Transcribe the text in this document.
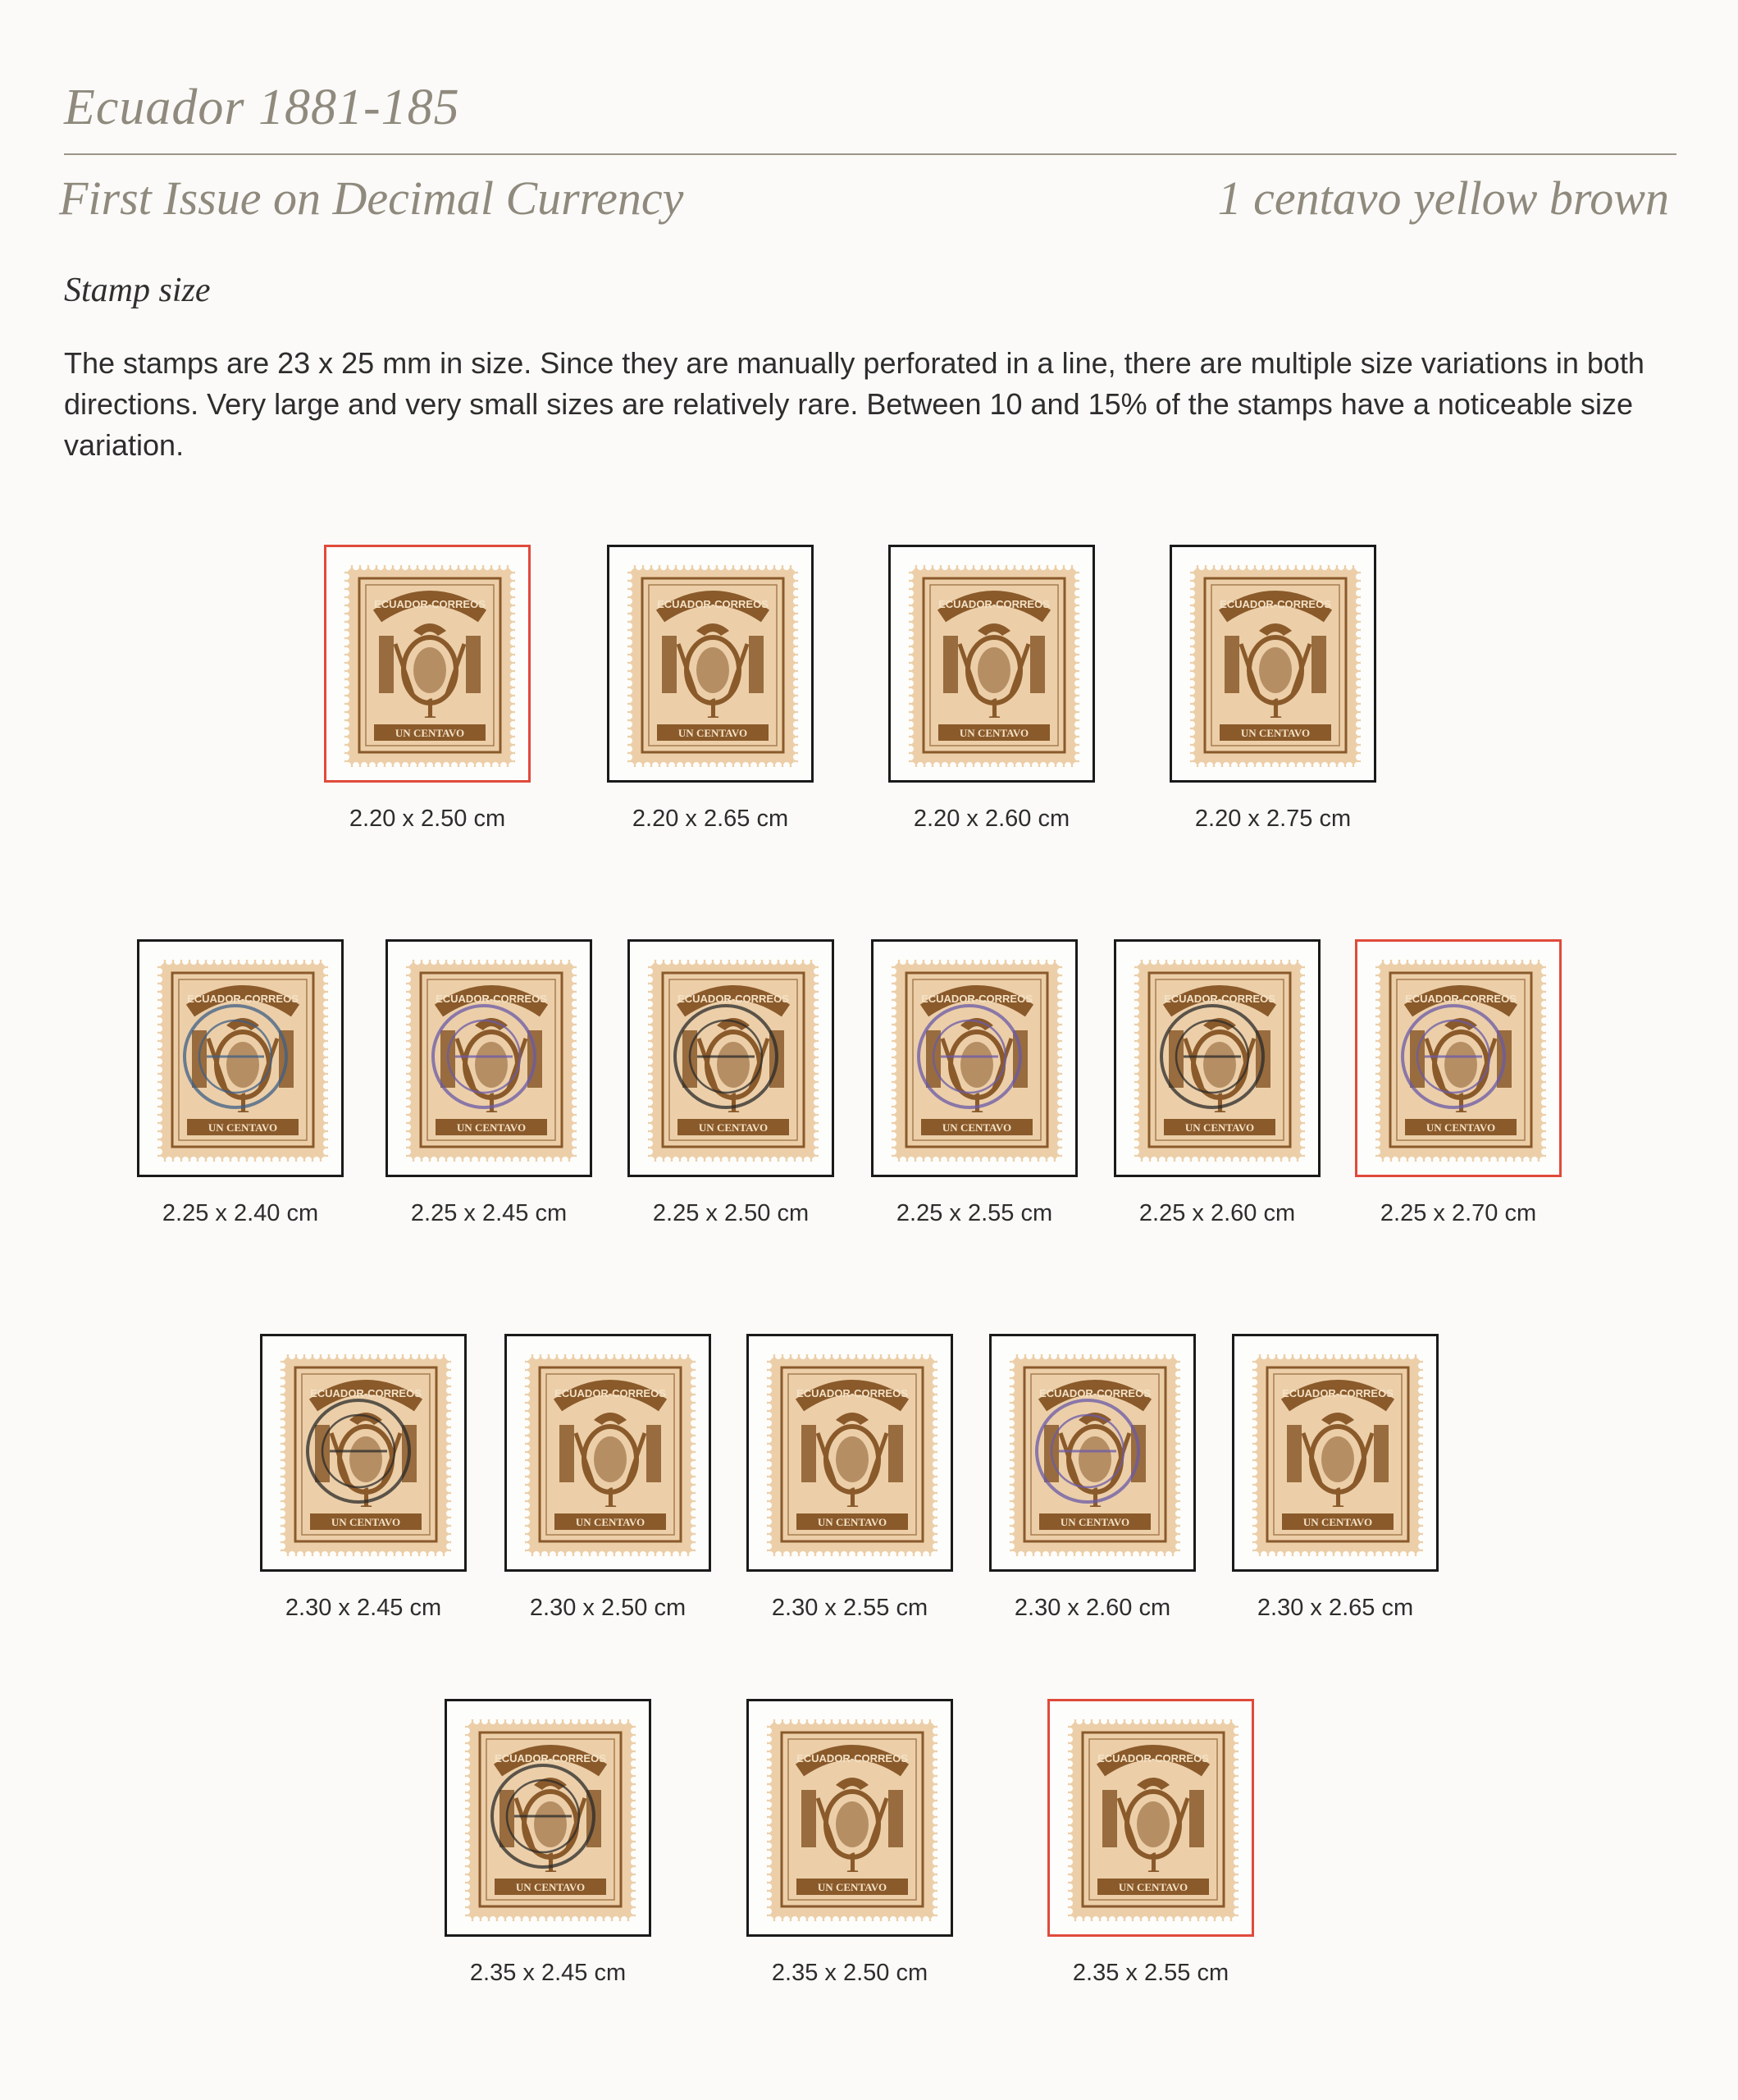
Ecuador 1881-185
First Issue on Decimal Currency	1 centavo yellow brown
Stamp size

The stamps are 23 x 25 mm in size. Since they are manually perforated in a line, there are multiple size variations in both directions. Very large and very small sizes are relatively rare. Between 10 and 15% of the stamps have a noticeable size variation.

ECUADOR-CORREOS
1
UN CENTAVO
2.20 x 2.50 cm
ECUADOR-CORREOS
1
UN CENTAVO
2.20 x 2.65 cm
ECUADOR-CORREOS
1
UN CENTAVO
2.20 x 2.60 cm
ECUADOR-CORREOS
1
UN CENTAVO
2.20 x 2.75 cm
ECUADOR-CORREOS
1
UN CENTAVO
2.25 x 2.40 cm
ECUADOR-CORREOS
1
UN CENTAVO
2.25 x 2.45 cm
ECUADOR-CORREOS
1
UN CENTAVO
2.25 x 2.50 cm
ECUADOR-CORREOS
1
UN CENTAVO
2.25 x 2.55 cm
ECUADOR-CORREOS
1
UN CENTAVO
2.25 x 2.60 cm
ECUADOR-CORREOS
1
UN CENTAVO
2.25 x 2.70 cm
ECUADOR-CORREOS
1
UN CENTAVO
2.30 x 2.45 cm
ECUADOR-CORREOS
1
UN CENTAVO
2.30 x 2.50 cm
ECUADOR-CORREOS
1
UN CENTAVO
2.30 x 2.55 cm
ECUADOR-CORREOS
1
UN CENTAVO
2.30 x 2.60 cm
ECUADOR-CORREOS
1
UN CENTAVO
2.30 x 2.65 cm
ECUADOR-CORREOS
1
UN CENTAVO
2.35 x 2.45 cm
ECUADOR-CORREOS
1
UN CENTAVO
2.35 x 2.50 cm
ECUADOR-CORREOS
1
UN CENTAVO
2.35 x 2.55 cm
